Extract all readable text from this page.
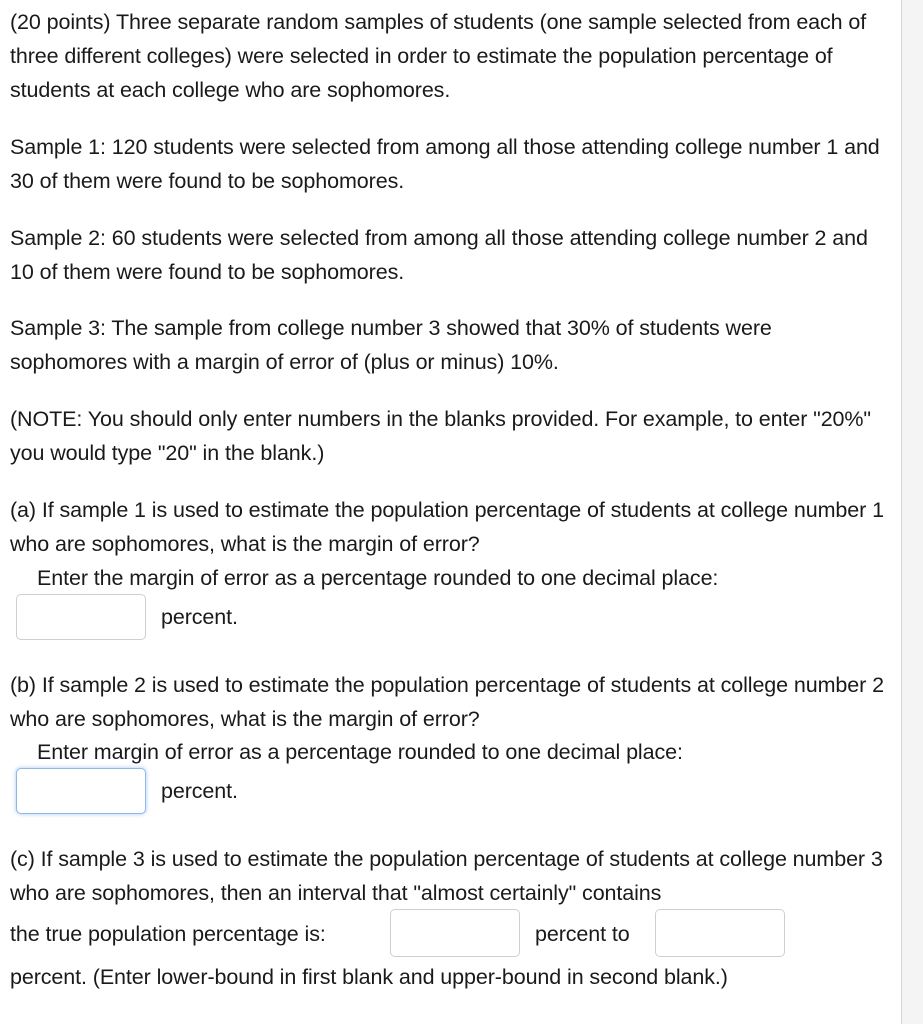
(20 points) Three separate random samples of students (one sample selected from each of three different colleges) were selected in order to estimate the population percentage of students at each college who are sophomores.

Sample 1: 120 students were selected from among all those attending college number 1 and 30 of them were found to be sophomores.

Sample 2: 60 students were selected from among all those attending college number 2 and 10 of them were found to be sophomores.

Sample 3: The sample from college number 3 showed that 30% of students were sophomores with a margin of error of (plus or minus) 10%.

(NOTE: You should only enter numbers in the blanks provided. For example, to enter "20%" you would type "20" in the blank.)

(a) If sample 1 is used to estimate the population percentage of students at college number 1 who are sophomores, what is the margin of error?

Enter the margin of error as a percentage rounded to one decimal place:

percent.

(b) If sample 2 is used to estimate the population percentage of students at college number 2 who are sophomores, what is the margin of error?

Enter margin of error as a percentage rounded to one decimal place:

percent.

(c) If sample 3 is used to estimate the population percentage of students at college number 3 who are sophomores, then an interval that "almost certainly" contains

the true population percentage is:	percent to

percent. (Enter lower-bound in first blank and upper-bound in second blank.)
